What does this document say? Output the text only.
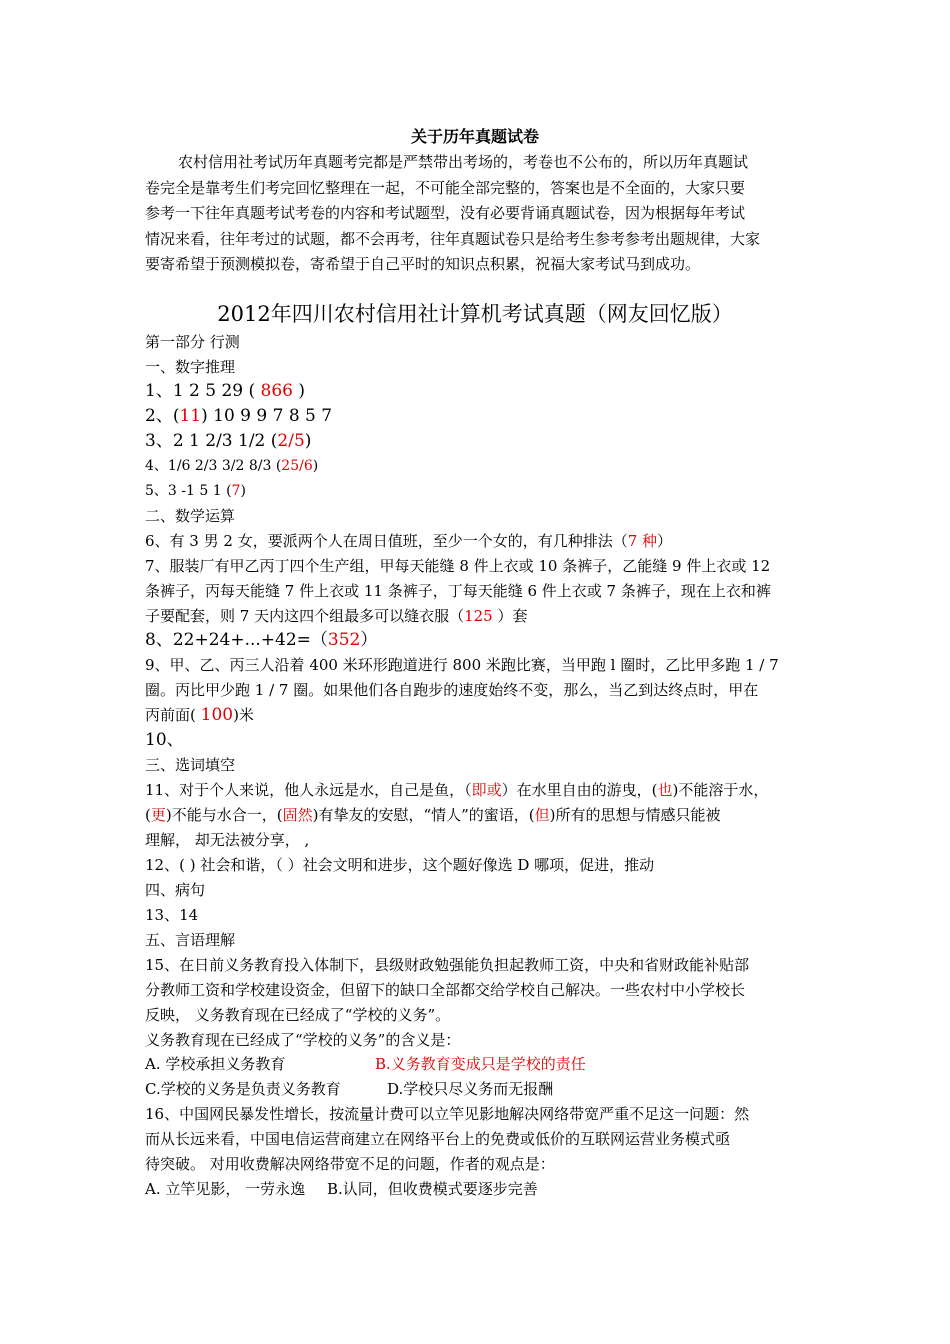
关于历年真题试卷
农村信用社考试历年真题考完都是严禁带出考场的，考卷也不公布的，所以历年真题试
卷完全是靠考生们考完回忆整理在一起，不可能全部完整的，答案也是不全面的，大家只要
参考一下往年真题考试考卷的内容和考试题型，没有必要背诵真题试卷，因为根据每年考试
情况来看，往年考过的试题，都不会再考，往年真题试卷只是给考生参考参考出题规律，大家
要寄希望于预测模拟卷，寄希望于自己平时的知识点积累，祝福大家考试马到成功。
2012年四川农村信用社计算机考试真题（网友回忆版）
第一部分 行测
一、数字推理
1、1 2 5 29 ( 866 )
2、(11) 10 9 9 7 8 5 7
3、2 1 2/3 1/2 (2/5)
4、1/6 2/3 3/2 8/3 (25/6)
5、3 -1 5 1 (7)
二、数学运算
6、有 3 男 2 女，要派两个人在周日值班，至少一个女的，有几种排法（7 种）
7、服装厂有甲乙丙丁四个生产组，甲每天能缝 8 件上衣或 10 条裤子，乙能缝 9 件上衣或 12
条裤子，丙每天能缝 7 件上衣或 11 条裤子，丁每天能缝 6 件上衣或 7 条裤子，现在上衣和裤
子要配套，则 7 天内这四个组最多可以缝衣服（125 ）套
8、22+24+...+42=（352）
9、甲、乙、丙三人沿着 400 米环形跑道进行 800 米跑比赛，当甲跑 l 圈时，乙比甲多跑 1 / 7
圈。丙比甲少跑 1 / 7 圈。如果他们各自跑步的速度始终不变，那么，当乙到达终点时，甲在
丙前面( 100)米
10、
三、选词填空
11、对于个人来说，他人永远是水，自己是鱼，（即或）在水里自由的游曳，(也)不能溶于水，
(更)不能与水合一，(固然)有挚友的安慰，“情人”的蜜语，(但)所有的思想与情感只能被
理解， 却无法被分享， ,
12、( ) 社会和谐，（ ）社会文明和进步，这个题好像选 D 哪项，促进，推动
四、病句
13、14
五、言语理解
15、在日前义务教育投入体制下，县级财政勉强能负担起教师工资，中央和省财政能补贴部
分教师工资和学校建设资金，但留下的缺口全部都交给学校自己解决。一些农村中小学校长
反映， 义务教育现在已经成了“学校的义务”。
义务教育现在已经成了“学校的义务”的含义是：
A. 学校承担义务教育	B.义务教育变成只是学校的责任
C.学校的义务是负责义务教育	D.学校只尽义务而无报酬
16、中国网民暴发性增长，按流量计费可以立竿见影地解决网络带宽严重不足这一问题：然
而从长远来看，中国电信运营商建立在网络平台上的免费或低价的互联网运营业务模式亟
待突破。 对用收费解决网络带宽不足的问题，作者的观点是：
A. 立竿见影， 一劳永逸 B.认同，但收费模式要逐步完善
